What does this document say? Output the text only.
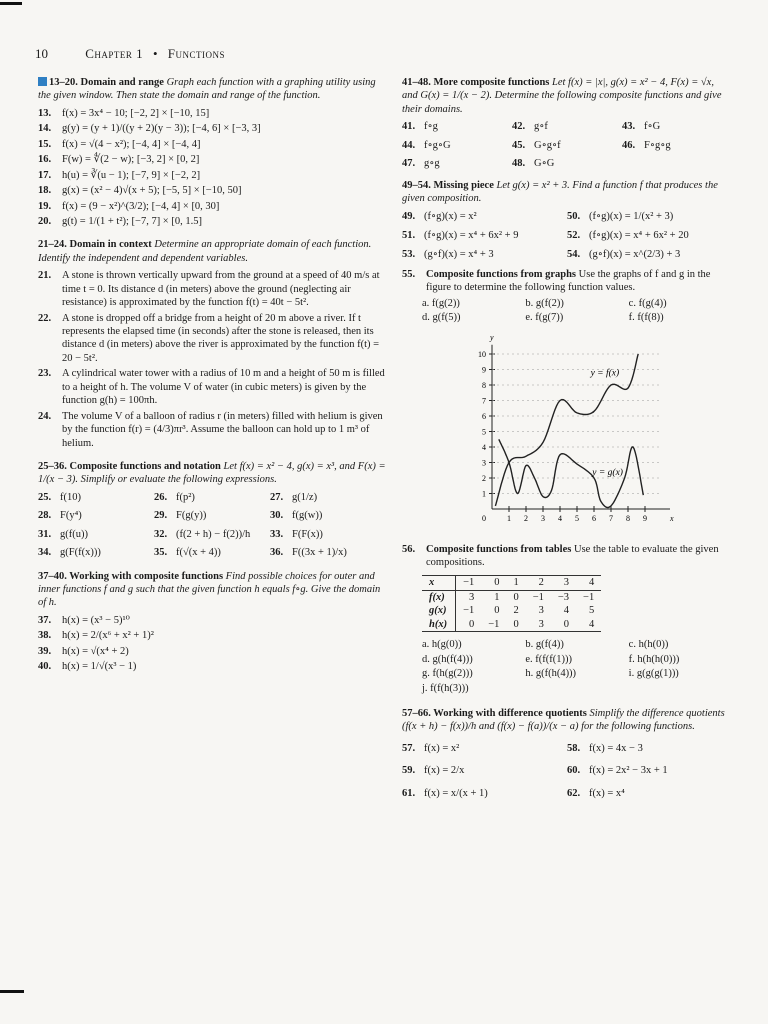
10	Chapter 1 • Functions
13–20. Domain and range Graph each function with a graphing utility using the given window. Then state the domain and range of the function.
13.	f(x) = 3x⁴ − 10; [−2, 2] × [−10, 15]
14.	g(y) = (y + 1)/((y + 2)(y − 3)); [−4, 6] × [−3, 3]
15.	f(x) = √(4 − x²); [−4, 4] × [−4, 4]
16.	F(w) = ∜(2 − w); [−3, 2] × [0, 2]
17.	h(u) = ∛(u − 1); [−7, 9] × [−2, 2]
18.	g(x) = (x² − 4)√(x + 5); [−5, 5] × [−10, 50]
19.	f(x) = (9 − x²)^(3/2); [−4, 4] × [0, 30]
20.	g(t) = 1/(1 + t²); [−7, 7] × [0, 1.5]
21–24. Domain in context Determine an appropriate domain of each function. Identify the independent and dependent variables.
21.	A stone is thrown vertically upward from the ground at a speed of 40 m/s at time t = 0. Its distance d (in meters) above the ground (neglecting air resistance) is approximated by the function f(t) = 40t − 5t².
22.	A stone is dropped off a bridge from a height of 20 m above a river. If t represents the elapsed time (in seconds) after the stone is released, then its distance d (in meters) above the river is approximated by the function f(t) = 20 − 5t².
23.	A cylindrical water tower with a radius of 10 m and a height of 50 m is filled to a height of h. The volume V of water (in cubic meters) is given by the function g(h) = 100πh.
24.	The volume V of a balloon of radius r (in meters) filled with helium is given by the function f(r) = (4/3)πr³. Assume the balloon can hold up to 1 m³ of helium.
25–36. Composite functions and notation Let f(x) = x² − 4, g(x) = x³, and F(x) = 1/(x − 3). Simplify or evaluate the following expressions.
25. f(10)	26. f(p²)	27. g(1/z)
28. F(y⁴)	29. F(g(y))	30. f(g(w))
31. g(f(u))	32. (f(2 + h) − f(2))/h 33. F(F(x))
34. g(F(f(x)))	35. f(√(x + 4))	36. F((3x + 1)/x)
37–40. Working with composite functions Find possible choices for outer and inner functions f and g such that the given function h equals f∘g. Give the domain of h.
37.	h(x) = (x³ − 5)¹⁰
38.	h(x) = 2/(x⁶ + x² + 1)²
39.	h(x) = √(x⁴ + 2)
40.	h(x) = 1/√(x³ − 1)
41–48. More composite functions Let f(x) = |x|, g(x) = x² − 4, F(x) = √x, and G(x) = 1/(x − 2). Determine the following composite functions and give their domains.
41. f∘g	42. g∘f	43. f∘G
44. f∘g∘G	45. G∘g∘f	46. F∘g∘g
47. g∘g	48. G∘G
49–54. Missing piece Let g(x) = x² + 3. Find a function f that produces the given composition.
49. (f∘g)(x) = x²	50. (f∘g)(x) = 1/(x² + 3)
51. (f∘g)(x) = x⁴ + 6x² + 9	52. (f∘g)(x) = x⁴ + 6x² + 20
53. (g∘f)(x) = x⁴ + 3	54. (g∘f)(x) = x^(2/3) + 3
55.	Composite functions from graphs Use the graphs of f and g in the figure to determine the following function values.
a. f(g(2))	b. g(f(2))	c. f(g(4))
d. g(f(5))	e. f(g(7))	f. f(f(8))
1
2
3
4
5
6
7
8
9
10
1 2 3 4 5 6 7 8 9
0	x
y
y = f(x)
y = g(x)
56.	Composite functions from tables Use the table to evaluate the given compositions.
x	−1	0	1	2	3	4
f(x)	3	1	0	−1	−3	−1
g(x)	−1	0	2	3	4	5
h(x)	0	−1	0	3	0	4
a. h(g(0))	b. g(f(4))	c. h(h(0))
d. g(h(f(4)))	e. f(f(f(1)))	f. h(h(h(0)))
g. f(h(g(2)))	h. g(f(h(4)))	i. g(g(g(1)))
j. f(f(h(3)))
57–66. Working with difference quotients Simplify the difference quotients (f(x + h) − f(x))/h and (f(x) − f(a))/(x − a) for the following functions.
57. f(x) = x²	58. f(x) = 4x − 3
59. f(x) = 2/x	60. f(x) = 2x² − 3x + 1
61. f(x) = x/(x + 1)	62. f(x) = x⁴
